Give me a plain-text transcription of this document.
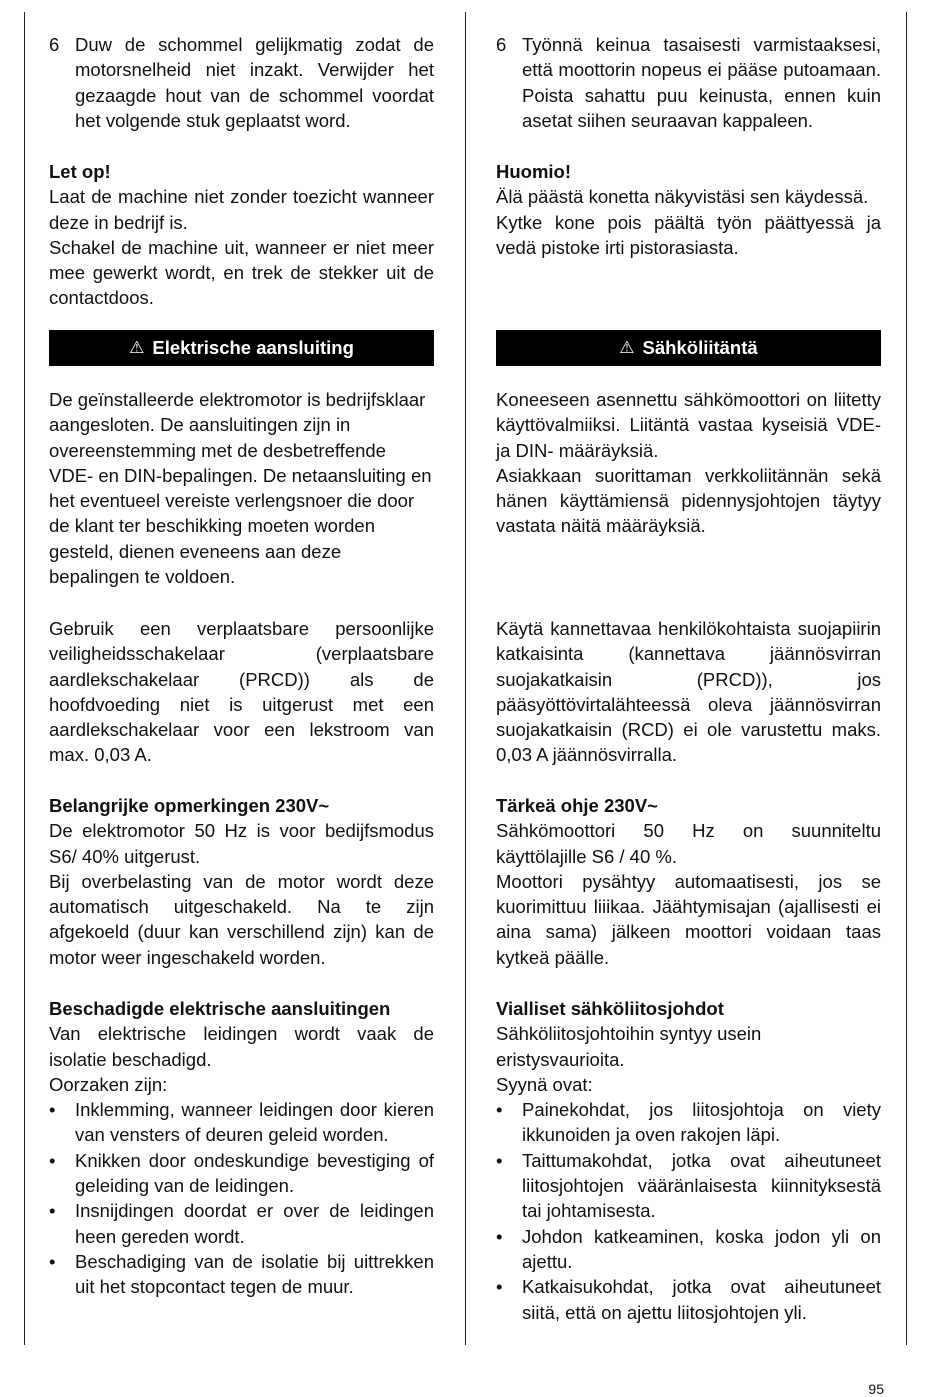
6 Duw de schommel gelijkmatig zodat de motorsnelheid niet inzakt. Verwijder het gezaagde hout van de schommel voordat het volgende stuk geplaatst word.

Let op!

Laat de machine niet zonder toezicht wanneer deze in bedrijf is.

Schakel de machine uit, wanneer er niet meer mee gewerkt wordt, en trek de stekker uit de contactdoos.

⚠ Elektrische aansluiting

De geïnstalleerde elektromotor is bedrijfsklaar aangesloten. De aansluitingen zijn in overeenstemming met de desbetreffende VDE- en DIN-bepalingen. De netaansluiting en het eventueel vereiste verlengsnoer die door de klant ter beschikking moeten worden gesteld, dienen eveneens aan deze bepalingen te voldoen.

Gebruik een verplaatsbare persoonlijke veiligheidsschakelaar (verplaatsbare aardlekschakelaar (PRCD)) als de hoofdvoeding niet is uitgerust met een aardlekschakelaar voor een lekstroom van max. 0,03 A.

Belangrijke opmerkingen 230V~

De elektromotor 50 Hz is voor bedijfsmodus S6/ 40% uitgerust.

Bij overbelasting van de motor wordt deze automatisch uitgeschakeld. Na te zijn afgekoeld (duur kan verschillend zijn) kan de motor weer ingeschakeld worden.

Beschadigde elektrische aansluitingen

Van elektrische leidingen wordt vaak de isolatie beschadigd.

Oorzaken zijn:

• Inklemming, wanneer leidingen door kieren van vensters of deuren geleid worden.
• Knikken door ondeskundige bevestiging of geleiding van de leidingen.
• Insnijdingen doordat er over de leidingen heen gereden wordt.
• Beschadiging van de isolatie bij uittrekken uit het stopcontact tegen de muur.
6 Työnnä keinua tasaisesti varmistaaksesi, että moottorin nopeus ei pääse putoamaan. Poista sahattu puu keinusta, ennen kuin asetat siihen seuraavan kappaleen.

Huomio!

Älä päästä konetta näkyvistäsi sen käydessä.

Kytke kone pois päältä työn päättyessä ja vedä pistoke irti pistorasiasta.

⚠ Sähköliitäntä

Koneeseen asennettu sähkömoottori on liitetty käyttövalmiiksi. Liitäntä vastaa kyseisiä VDE- ja DIN- määräyksiä.

Asiakkaan suorittaman verkkoliitännän sekä hänen käyttämiensä pidennysjohtojen täytyy vastata näitä määräyksiä.

Käytä kannettavaa henkilökohtaista suojapiirin katkaisinta (kannettava jäännösvirran suojakatkaisin (PRCD)), jos pääsyöttövirtalähteessä oleva jäännösvirran suojakatkaisin (RCD) ei ole varustettu maks. 0,03 A jäännösvirralla.

Tärkeä ohje 230V~

Sähkömoottori 50 Hz on suunniteltu käyttölajille S6 / 40 %.

Moottori pysähtyy automaatisesti, jos se kuorimittuu liiikaa. Jäähtymisajan (ajallisesti ei aina sama) jälkeen moottori voidaan taas kytkeä päälle.

Vialliset sähköliitosjohdot

Sähköliitosjohtoihin syntyy usein eristysvaurioita.

Syynä ovat:

• Painekohdat, jos liitosjohtoja on viety ikkunoiden ja oven rakojen läpi.
• Taittumakohdat, jotka ovat aiheutuneet liitosjohtojen vääränlaisesta kiinnityksestä tai johtamisesta.
• Johdon katkeaminen, koska jodon yli on ajettu.
• Katkaisukohdat, jotka ovat aiheutuneet siitä, että on ajettu liitosjohtojen yli.
95
